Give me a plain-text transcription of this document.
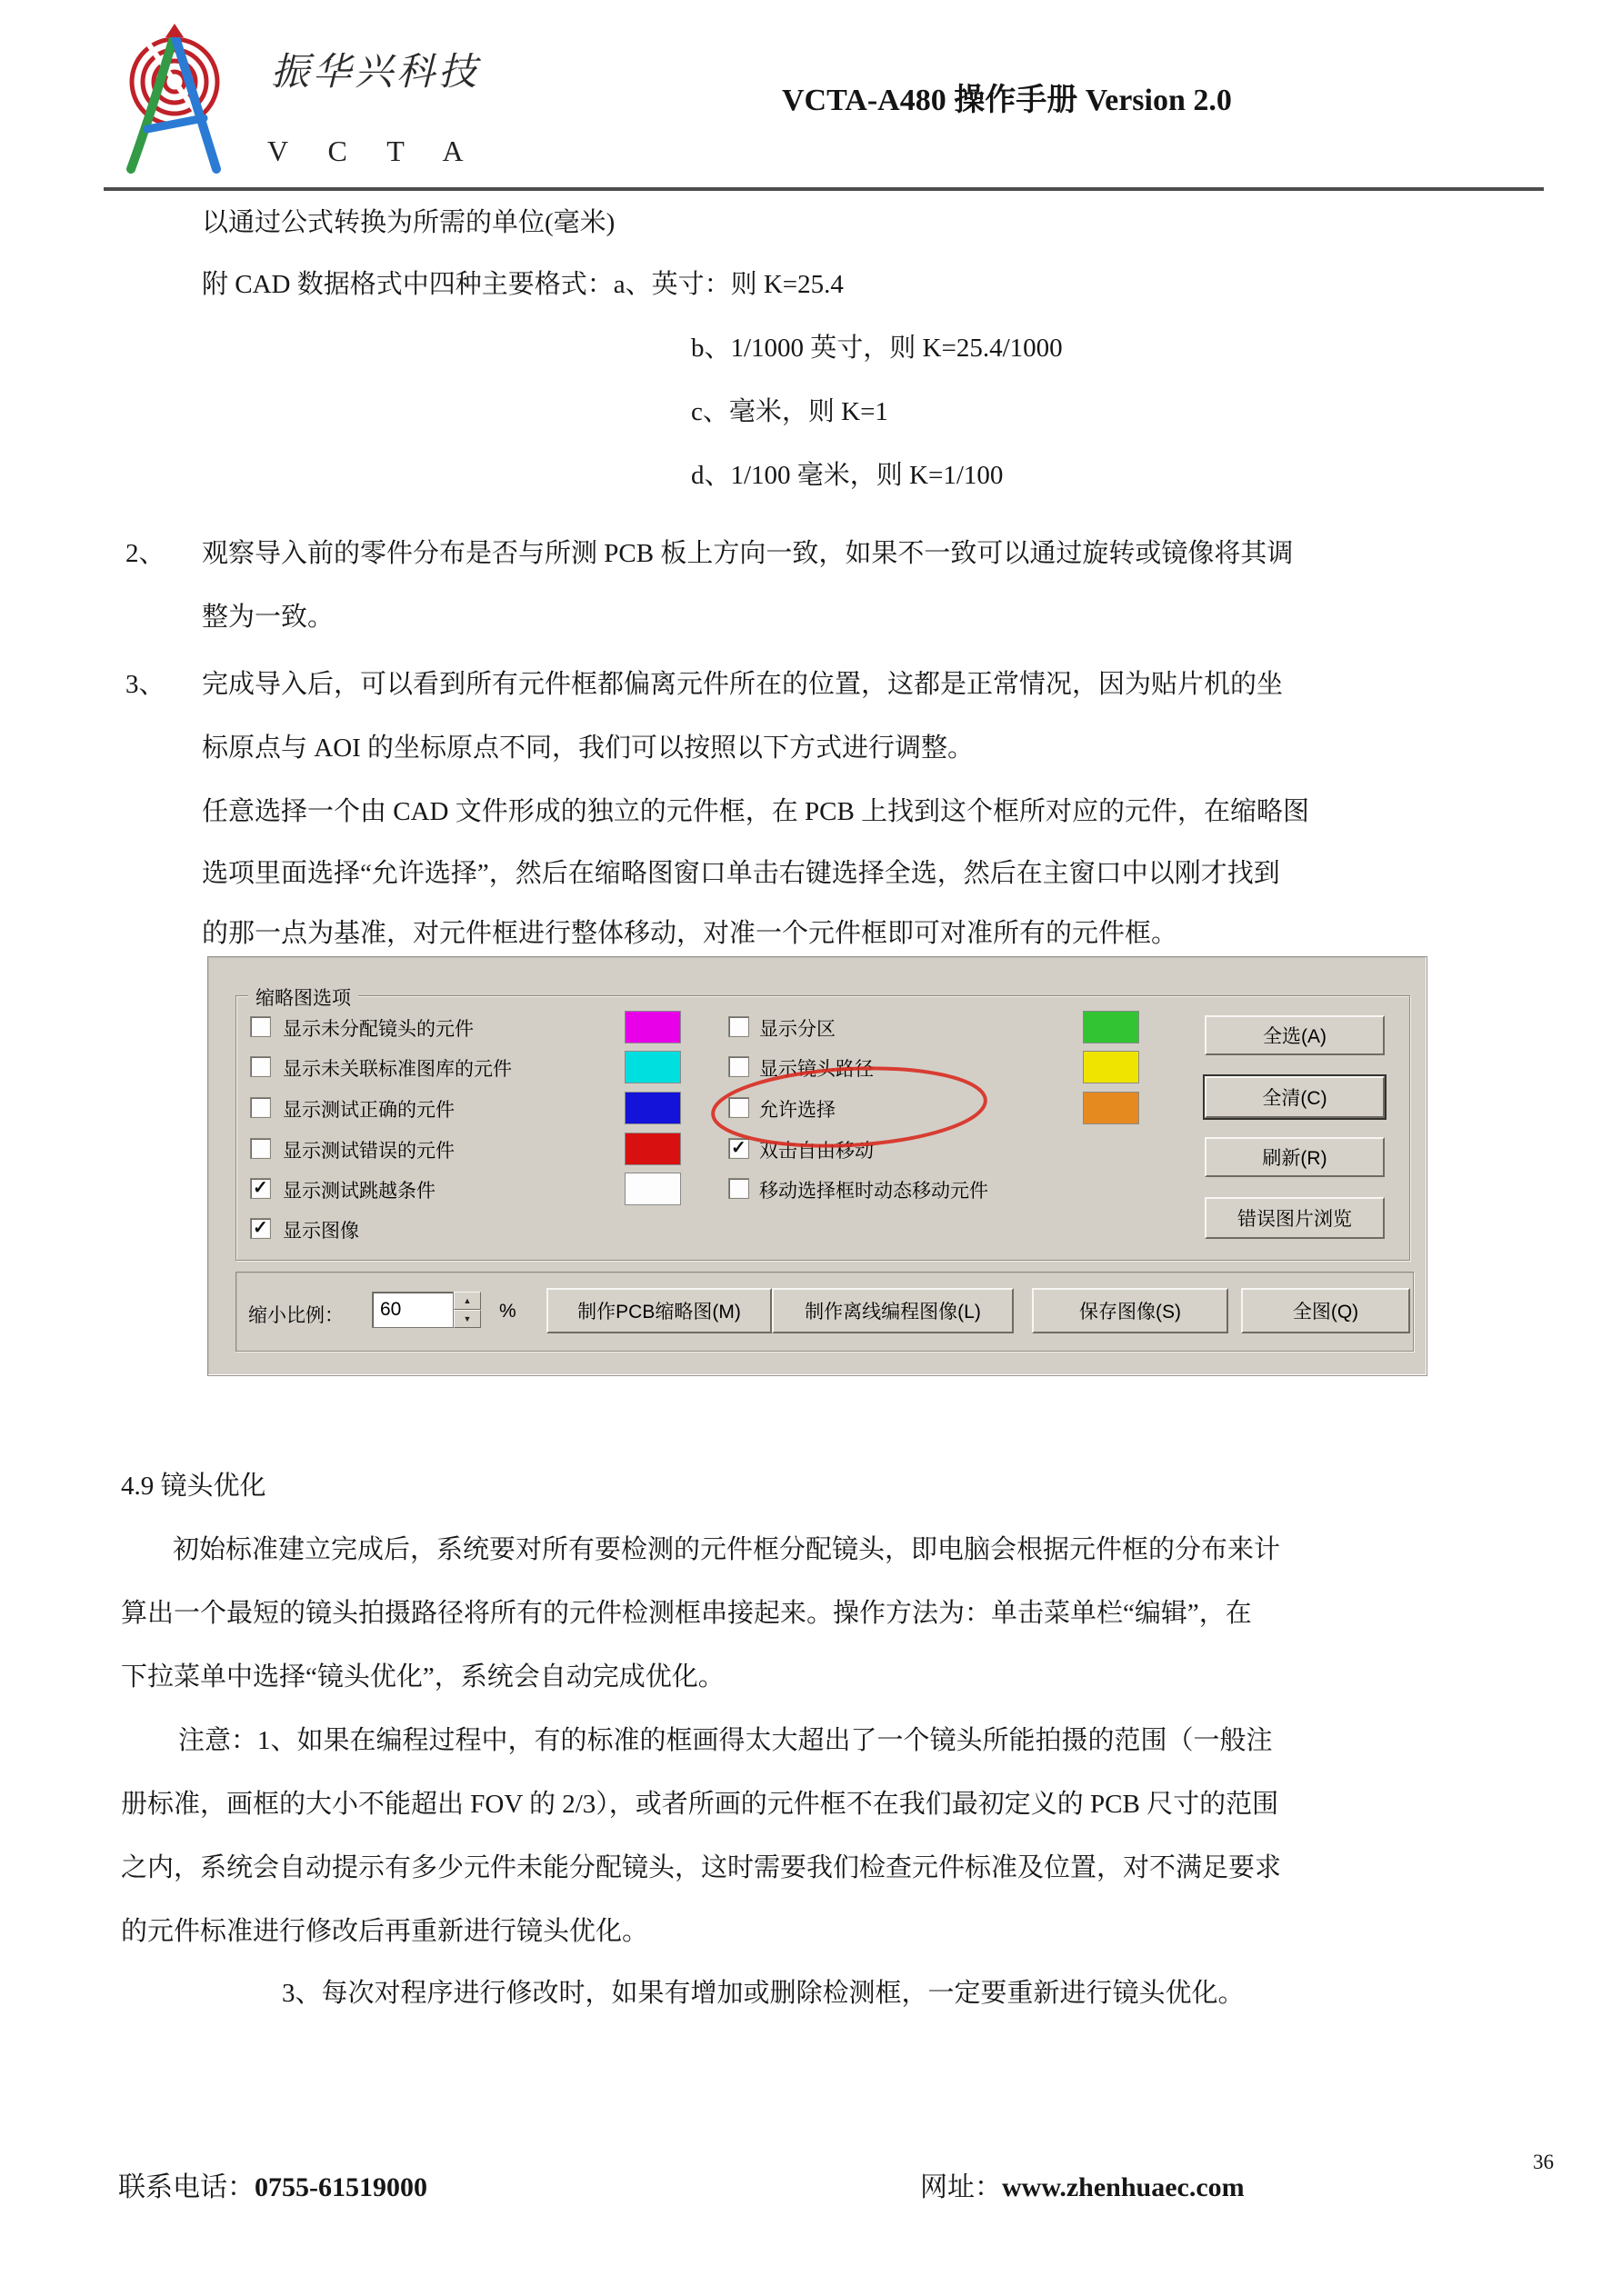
振华兴科技
V C T A
VCTA-A480 操作手册 Version 2.0
以通过公式转换为所需的单位(毫米)
附 CAD 数据格式中四种主要格式：a、英寸：则 K=25.4
b、1/1000 英寸，则 K=25.4/1000
c、毫米，则 K=1
d、1/100 毫米，则 K=1/100
2、 观察导入前的零件分布是否与所测 PCB 板上方向一致，如果不一致可以通过旋转或镜像将其调
整为一致。
3、 完成导入后，可以看到所有元件框都偏离元件所在的位置，这都是正常情况，因为贴片机的坐
标原点与 AOI 的坐标原点不同，我们可以按照以下方式进行调整。
任意选择一个由 CAD 文件形成的独立的元件框，在 PCB 上找到这个框所对应的元件，在缩略图
选项里面选择“允许选择”，然后在缩略图窗口单击右键选择全选，然后在主窗口中以刚才找到
的那一点为基准，对元件框进行整体移动，对准一个元件框即可对准所有的元件框。
缩略图选项
显示未分配镜头的元件
显示未关联标准图库的元件
显示测试正确的元件
显示测试错误的元件
✓ 显示测试跳越条件
✓ 显示图像
显示分区
显示镜头路径
允许选择
✓ 双击自由移动
移动选择框时动态移动元件
全选(A)
全清(C)
刷新(R)
错误图片浏览
缩小比例：	60	▲
▼	%	制作PCB缩略图(M)	制作离线编程图像(L)	保存图像(S)	全图(Q)
4.9 镜头优化
初始标准建立完成后，系统要对所有要检测的元件框分配镜头，即电脑会根据元件框的分布来计
算出一个最短的镜头拍摄路径将所有的元件检测框串接起来。操作方法为：单击菜单栏“编辑”，在
下拉菜单中选择“镜头优化”，系统会自动完成优化。
注意：1、如果在编程过程中，有的标准的框画得太大超出了一个镜头所能拍摄的范围（一般注
册标准，画框的大小不能超出 FOV 的 2/3），或者所画的元件框不在我们最初定义的 PCB 尺寸的范围
之内，系统会自动提示有多少元件未能分配镜头，这时需要我们检查元件标准及位置，对不满足要求
的元件标准进行修改后再重新进行镜头优化。
3、每次对程序进行修改时，如果有增加或删除检测框，一定要重新进行镜头优化。
联系电话：0755-61519000	网址：www.zhenhuaec.com
36
